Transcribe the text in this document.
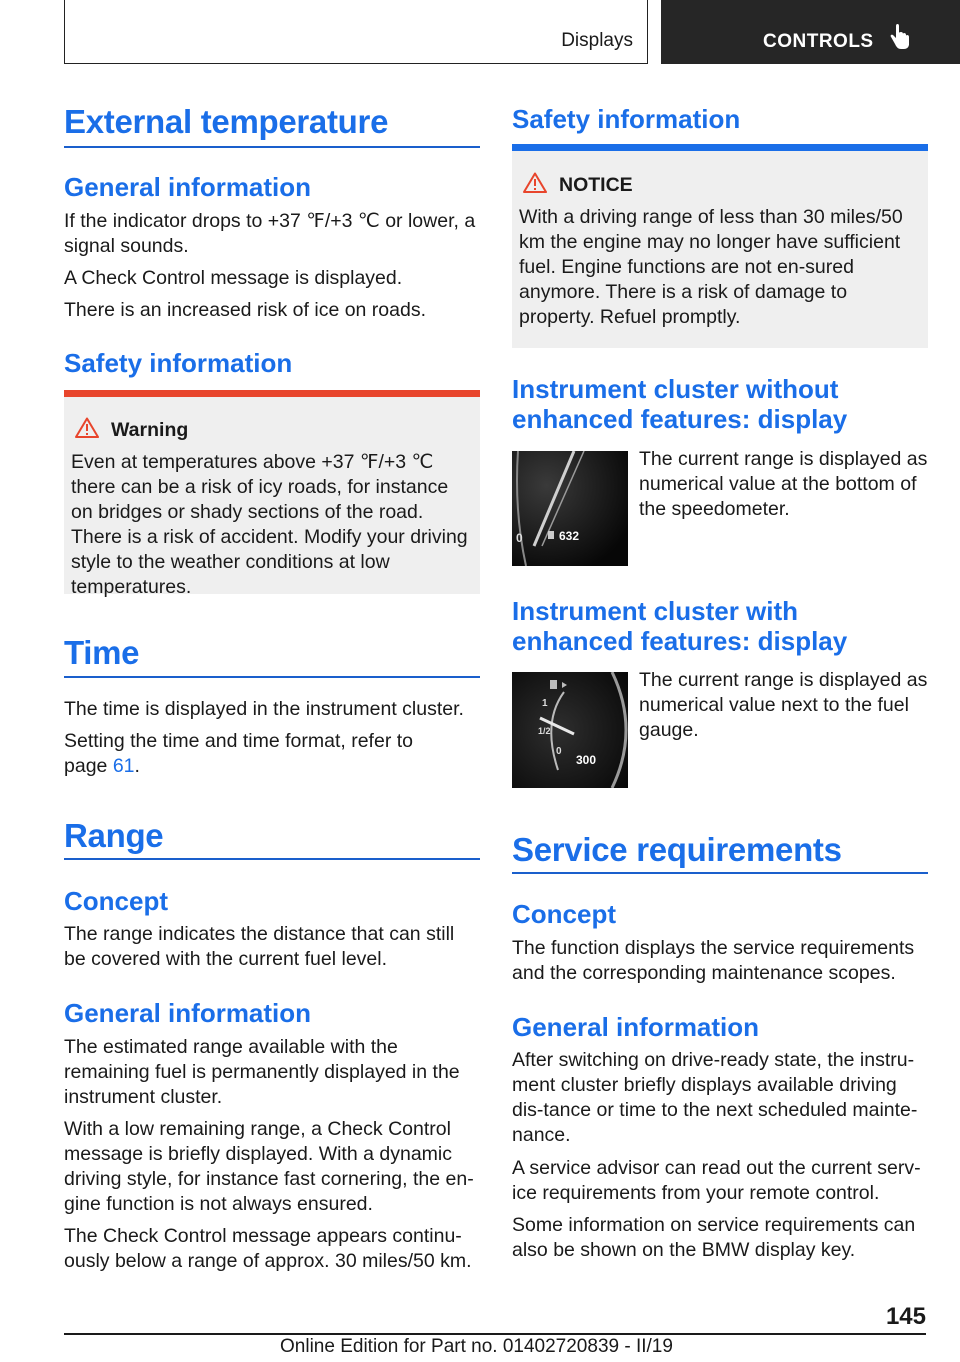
Displays	CONTROLS
External temperature
General information

If the indicator drops to +37 ℉/+3 ℃ or lower, a signal sounds.

A Check Control message is displayed.

There is an increased risk of ice on roads.

Safety information
Warning

Even at temperatures above +37 ℉/+3 ℃ there can be a risk of icy roads, for instance on bridges or shady sections of the road. There is a risk of accident. Modify your driving style to the weather conditions at low temperatures.

Time

The time is displayed in the instrument cluster.

Setting the time and time format, refer to page 61.

Range
Concept

The range indicates the distance that can still be covered with the current fuel level.

General information

The estimated range available with the remaining fuel is permanently displayed in the instrument cluster.

With a low remaining range, a Check Control message is briefly displayed. With a dynamic driving style, for instance fast cornering, the en-gine function is not always ensured.

The Check Control message appears continu-ously below a range of approx. 30 miles/50 km.

Safety information
NOTICE

With a driving range of less than 30 miles/50 km the engine may no longer have sufficient fuel. Engine functions are not en-sured anymore. There is a risk of damage to property. Refuel promptly.

Instrument cluster without
enhanced features: display
632
0

The current range is displayed as numerical value at the bottom of the speedometer.

Instrument cluster with
enhanced features: display
1
1/2
0
300

The current range is displayed as numerical value next to the fuel gauge.

Service requirements
Concept

The function displays the service requirements and the corresponding maintenance scopes.

General information

After switching on drive-ready state, the instru-ment cluster briefly displays available driving dis-tance or time to the next scheduled mainte-nance.

A service advisor can read out the current serv-ice requirements from your remote control.

Some information on service requirements can also be shown on the BMW display key.

145
Online Edition for Part no. 01402720839 - II/19
